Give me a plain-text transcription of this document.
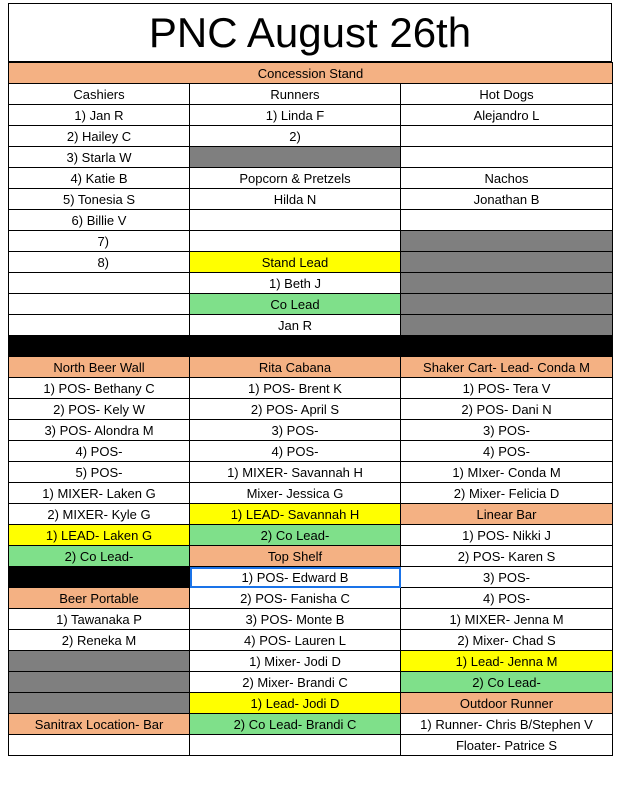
PNC August 26th
Concession Stand		
Cashiers	Runners	Hot Dogs
1) Jan R	1) Linda F	Alejandro L
2) Hailey C	2)	
3) Starla W		
4) Katie B	Popcorn & Pretzels	Nachos
5) Tonesia S	Hilda N	Jonathan B
6) Billie V		
7)		
8)	Stand Lead	
	1) Beth J	
	Co Lead	
	Jan R	

North Beer Wall	Rita Cabana	Shaker Cart- Lead- Conda M
1) POS- Bethany C	1) POS- Brent K	1) POS- Tera V
2) POS- Kely W	2) POS- April S	2) POS- Dani N
3) POS- Alondra M	3) POS-	3) POS-
4) POS-	4) POS-	4) POS-
5) POS-	1) MIXER- Savannah H	1) MIxer- Conda M
1) MIXER- Laken G	Mixer- Jessica G	2) Mixer- Felicia D
2) MIXER- Kyle G	1) LEAD- Savannah H	Linear Bar
1) LEAD- Laken G	2) Co Lead-	1) POS- Nikki J
2) Co Lead-	Top Shelf	2) POS- Karen S
	1) POS- Edward B	3) POS-
Beer Portable	2) POS- Fanisha C	4) POS-
1) Tawanaka P	3) POS- Monte B	1) MIXER- Jenna M
2) Reneka M	4) POS- Lauren L	2) Mixer- Chad S
	1) Mixer- Jodi D	1) Lead- Jenna M
	2) Mixer- Brandi C	2) Co Lead-
	1) Lead- Jodi D	Outdoor Runner
Sanitrax Location- Bar	2) Co Lead- Brandi C	1) Runner- Chris B/Stephen V
		Floater- Patrice S
